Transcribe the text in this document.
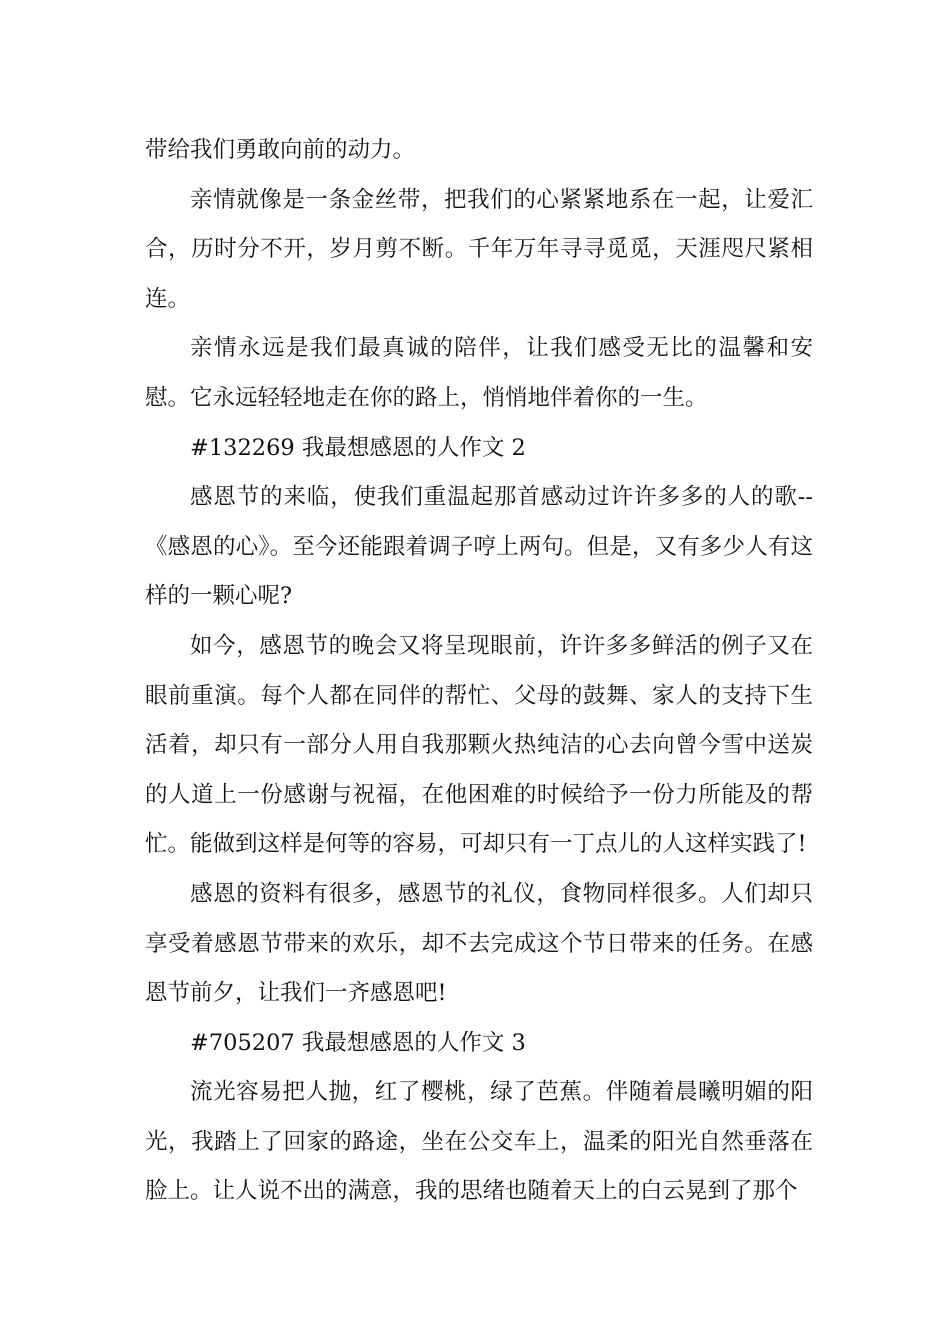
带给我们勇敢向前的动力。

亲情就像是一条金丝带，把我们的心紧紧地系在一起，让爱汇合，历时分不开，岁月剪不断。千年万年寻寻觅觅，天涯咫尺紧相连。

亲情永远是我们最真诚的陪伴，让我们感受无比的温馨和安慰。它永远轻轻地走在你的路上，悄悄地伴着你的一生。

#132269 我最想感恩的人作文 2

感恩节的来临，使我们重温起那首感动过许许多多的人的歌--《感恩的心》。至今还能跟着调子哼上两句。但是，又有多少人有这样的一颗心呢?

如今，感恩节的晚会又将呈现眼前，许许多多鲜活的例子又在眼前重演。每个人都在同伴的帮忙、父母的鼓舞、家人的支持下生活着，却只有一部分人用自我那颗火热纯洁的心去向曾今雪中送炭的人道上一份感谢与祝福，在他困难的时候给予一份力所能及的帮忙。能做到这样是何等的容易，可却只有一丁点儿的人这样实践了!

感恩的资料有很多，感恩节的礼仪，食物同样很多。人们却只享受着感恩节带来的欢乐，却不去完成这个节日带来的任务。在感恩节前夕，让我们一齐感恩吧!

#705207 我最想感恩的人作文 3

流光容易把人抛，红了樱桃，绿了芭蕉。伴随着晨曦明媚的阳光，我踏上了回家的路途，坐在公交车上，温柔的阳光自然垂落在脸上。让人说不出的满意，我的思绪也随着天上的白云晃到了那个
